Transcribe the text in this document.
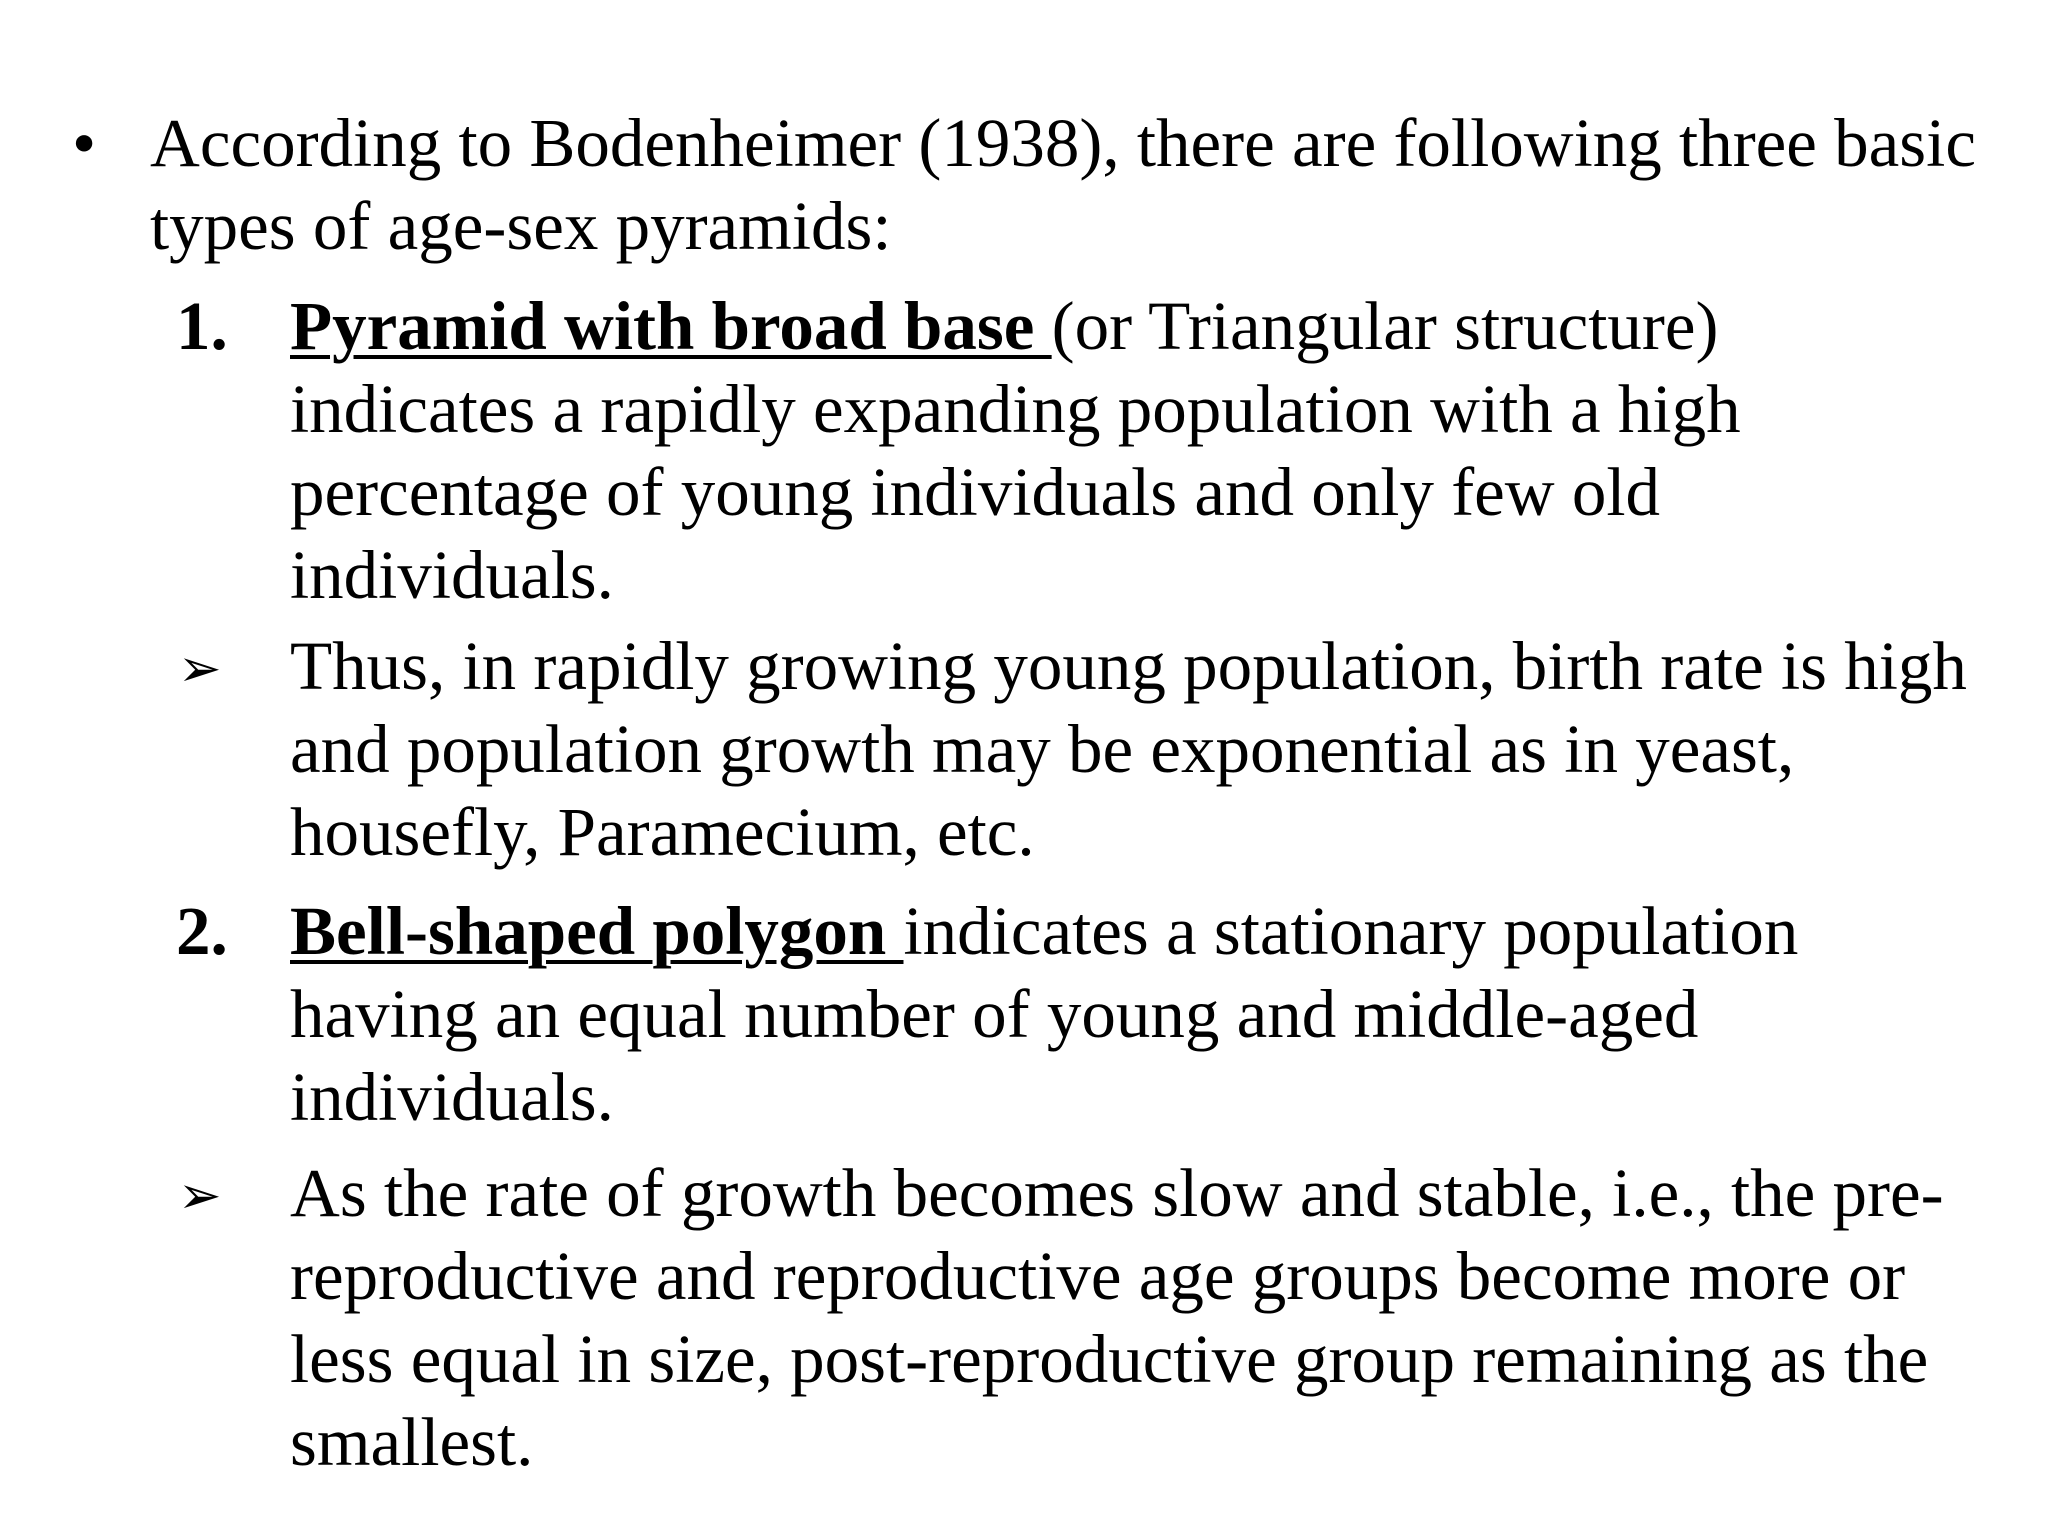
• According to Bodenheimer (1938), there are following three basic types of age-sex pyramids:
1. Pyramid with broad base (or Triangular structure) indicates a rapidly expanding population with a high percentage of young individuals and only few old individuals.
➢ Thus, in rapidly growing young population, birth rate is high and population growth may be exponential as in yeast, housefly, Paramecium, etc.
2. Bell-shaped polygon indicates a stationary population having an equal number of young and middle-aged individuals.
➢ As the rate of growth becomes slow and stable, i.e., the pre-reproductive and reproductive age groups become more or less equal in size, post-reproductive group remaining as the smallest.
